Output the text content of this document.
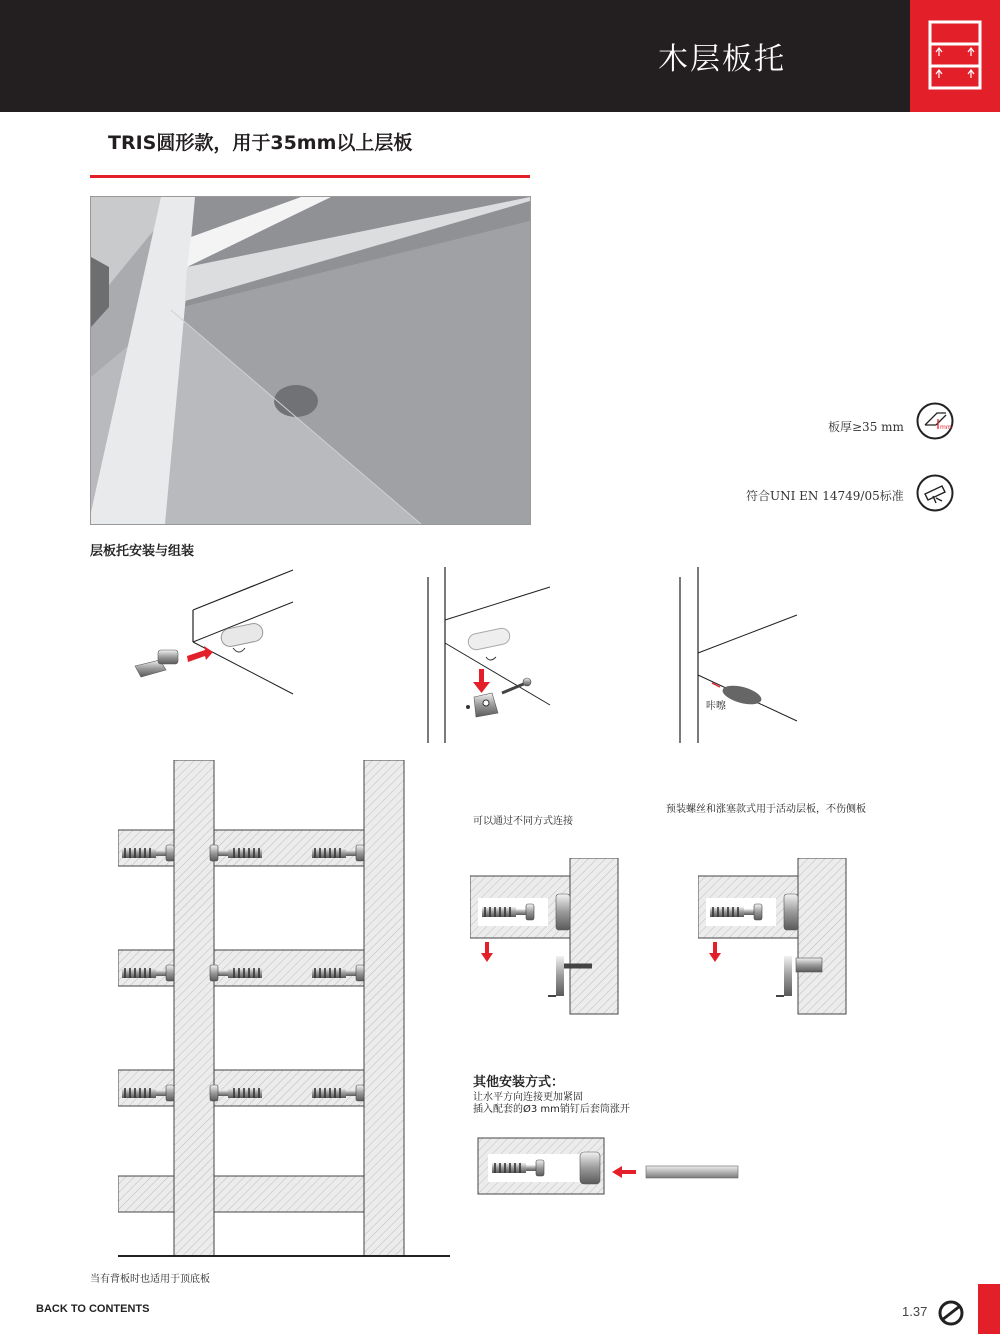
木层板托
TRIS圆形款，用于35mm以上层板
板厚≥35 mm	mm
符合UNI EN 14749/05标准
层板托安装与组装
咔嚓
可以通过不同方式连接
预装螺丝和涨塞款式用于活动层板，不伤侧板
其他安装方式：
让水平方向连接更加紧固
插入配套的Ø3 mm销钉后套筒涨开
当有背板时也适用于顶底板
BACK TO CONTENTS	1.37
